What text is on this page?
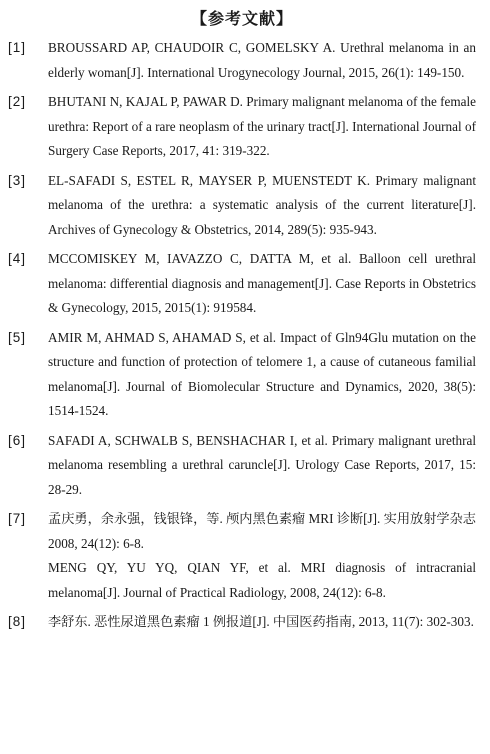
【参考文献】
[1]	BROUSSARD AP, CHAUDOIR C, GOMELSKY A. Urethral melanoma in an elderly woman[J]. International Urogynecology Journal, 2015, 26(1): 149-150.
[2]	BHUTANI N, KAJAL P, PAWAR D. Primary malignant melanoma of the female urethra: Report of a rare neoplasm of the urinary tract[J]. International Journal of Surgery Case Reports, 2017, 41: 319-322.
[3]	EL-SAFADI S, ESTEL R, MAYSER P, MUENSTEDT K. Primary malignant melanoma of the urethra: a systematic analysis of the current literature[J]. Archives of Gynecology & Obstetrics, 2014, 289(5): 935-943.
[4]	MCCOMISKEY M, IAVAZZO C, DATTA M, et al. Balloon cell urethral melanoma: differential diagnosis and management[J]. Case Reports in Obstetrics & Gynecology, 2015, 2015(1): 919584.
[5]	AMIR M, AHMAD S, AHAMAD S, et al. Impact of Gln94Glu mutation on the structure and function of protection of telomere 1, a cause of cutaneous familial melanoma[J]. Journal of Biomolecular Structure and Dynamics, 2020, 38(5): 1514-1524.
[6]	SAFADI A, SCHWALB S, BENSHACHAR I, et al. Primary malignant urethral melanoma resembling a urethral caruncle[J]. Urology Case Reports, 2017, 15: 28-29.
[7]	孟庆勇，余永强，钱银锋，等. 颅内黑色素瘤 MRI 诊断[J]. 实用放射学杂志 2008, 24(12): 6-8.
MENG QY, YU YQ, QIAN YF, et al. MRI diagnosis of intracranial melanoma[J]. Journal of Practical Radiology, 2008, 24(12): 6-8.
[8]	李舒东. 恶性尿道黑色素瘤 1 例报道[J]. 中国医药指南, 2013, 11(7): 302-303.
